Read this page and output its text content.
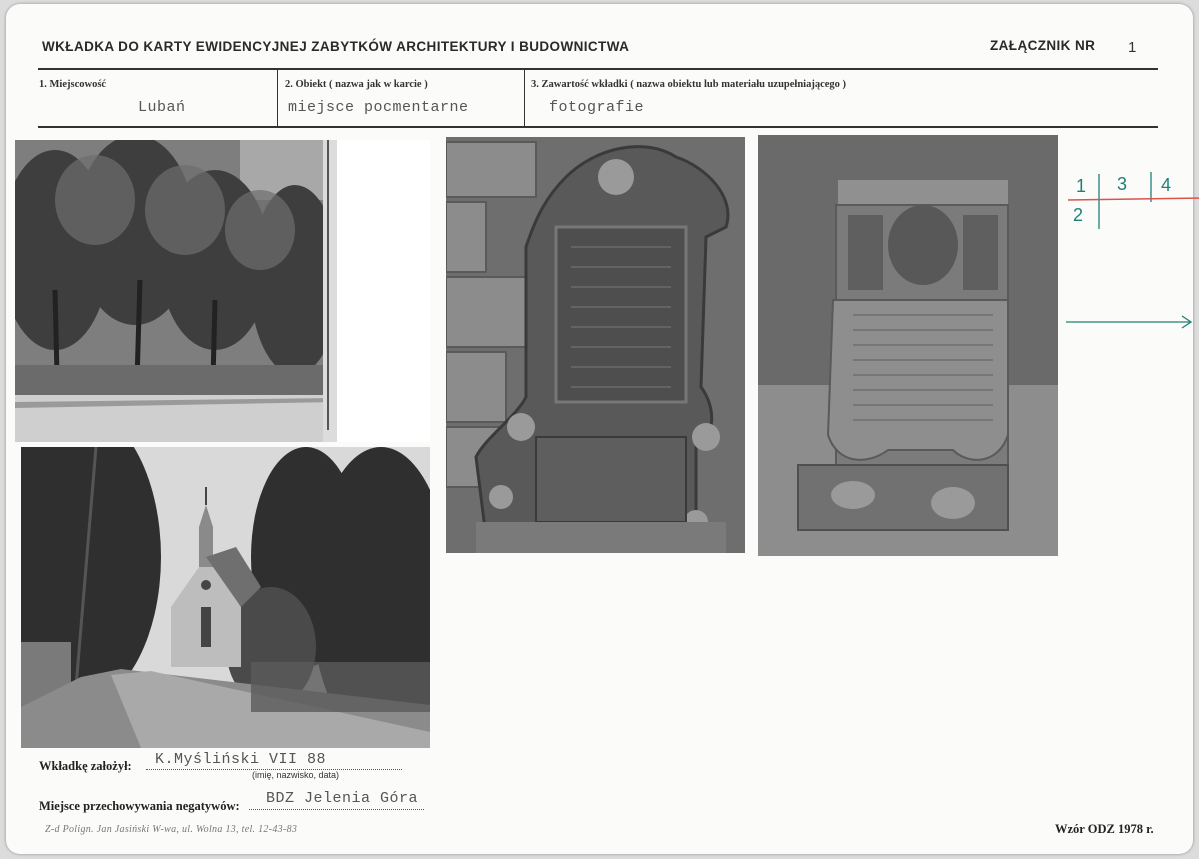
WKŁADKA DO KARTY EWIDENCYJNEJ ZABYTKÓW ARCHITEKTURY I BUDOWNICTWA	ZAŁĄCZNIK NR 1
1. Miejscowość
Lubań
2. Obiekt ( nazwa jak w karcie )
miejsce pocmentarne
3. Zawartość wkładki ( nazwa obiektu lub materiału uzupełniającego )
fotografie
1 3 4
2
Wkładkę założył: K.Myśliński VII 88
(imię, nazwisko, data)
Miejsce przechowywania negatywów: BDZ Jelenia Góra
Z-d Polign. Jan Jasiński W-wa, ul. Wolna 13, tel. 12-43-83	Wzór ODZ 1978 r.
